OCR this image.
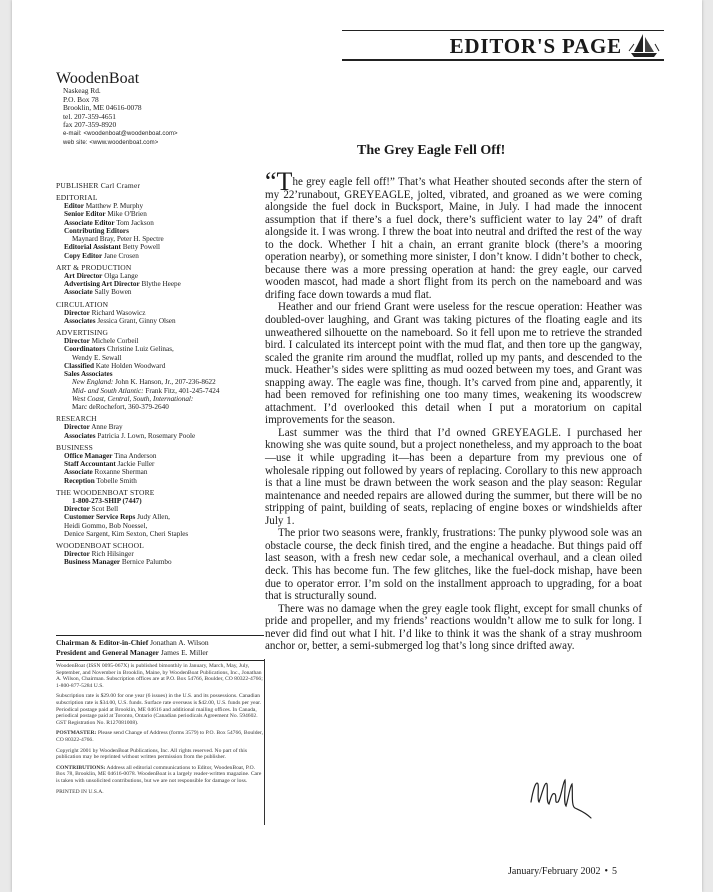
EDITOR'S PAGE
WoodenBoat
Naskeag Rd.
P.O. Box 78
Brooklin, ME 04616-0078
tel. 207-359-4651
fax 207-359-8920
e-mail: <woodenboat@woodenboat.com>
web site: <www.woodenboat.com>
PUBLISHER Carl Cramer
EDITORIAL
Editor Matthew P. Murphy
Senior Editor Mike O'Brien
Associate Editor Tom Jackson
Contributing Editors
Maynard Bray, Peter H. Spectre
Editorial Assistant Betty Powell
Copy Editor Jane Crosen
ART & PRODUCTION
Art Director Olga Lange
Advertising Art Director Blythe Heepe
Associate Sally Bowen
CIRCULATION
Director Richard Wasowicz
Associates Jessica Grant, Ginny Olsen
ADVERTISING
Director Michele Corbeil
Coordinators Christine Luiz Gelinas,
Wendy E. Sewall
Classified Kate Holden Woodward
Sales Associates
New England: John K. Hanson, Jr., 207-236-8622
Mid- and South Atlantic: Frank Fitz, 401-245-7424
West Coast, Central, South, International:
Marc deRochefort, 360-379-2640
RESEARCH
Director Anne Bray
Associates Patricia J. Lown, Rosemary Poole
BUSINESS
Office Manager Tina Anderson
Staff Accountant Jackie Fuller
Associate Roxanne Sherman
Reception Tobelle Smith
THE WOODENBOAT STORE
1-800-273-SHIP (7447)
Director Scot Bell
Customer Service Reps Judy Allen,
Heidi Gommo, Bob Noessel,
Denice Sargent, Kim Sexton, Cheri Staples
WOODENBOAT SCHOOL
Director Rich Hilsinger
Business Manager Bernice Palumbo
Chairman & Editor-in-Chief Jonathan A. Wilson
President and General Manager James E. Miller

WoodenBoat (ISSN 0095-067X) is published bimonthly in January, March, May, July, September, and November in Brooklin, Maine, by WoodenBoat Publications, Inc., Jonathan A. Wilson, Chairman. Subscription offices are at P.O. Box 54766, Boulder, CO 80322-4766; 1-800-877-5284 U.S.

Subscription rate is $29.00 for one year (6 issues) in the U.S. and its possessions. Canadian subscription rate is $34.00, U.S. funds. Surface rate overseas is $42.00, U.S. funds per year. Periodical postage paid at Brooklin, ME 04616 and additional mailing offices. In Canada, periodical postage paid at Toronto, Ontario (Canadian periodicals Agreement No. 594602. GST Registration No. R127081008).

POSTMASTER: Please send Change of Address (forms 3579) to P.O. Box 54766, Boulder, CO 80322-4766.

Copyright 2001 by WoodenBoat Publications, Inc. All rights reserved. No part of this publication may be reprinted without written permission from the publisher.

CONTRIBUTIONS: Address all editorial communications to Editor, WoodenBoat, P.O. Box 78, Brooklin, ME 04616-0078. WoodenBoat is a largely reader-written magazine. Care is taken with unsolicited contributions, but we are not responsible for damage or loss.

PRINTED IN U.S.A.

The Grey Eagle Fell Off!

“The grey eagle fell off!” That’s what Heather shouted seconds after the stern of my 22’runabout, GREYEAGLE, jolted, vibrated, and groaned as we were coming alongside the fuel dock in Bucksport, Maine, in July. I had made the innocent assumption that if there’s a fuel dock, there’s sufficient water to lay 24” of draft alongside it. I was wrong. I threw the boat into neutral and drifted the rest of the way to the dock. Whether I hit a chain, an errant granite block (there’s a mooring operation nearby), or something more sinister, I don’t know. I didn’t bother to check, because there was a more pressing operation at hand: the grey eagle, our carved wooden mascot, had made a short flight from its perch on the nameboard and was drifing face down towards a mud flat.

Heather and our friend Grant were useless for the rescue operation: Heather was doubled-over laughing, and Grant was taking pictures of the floating eagle and its unweathered silhouette on the nameboard. So it fell upon me to retrieve the stranded bird. I calculated its intercept point with the mud flat, and then tore up the gangway, scaled the granite rim around the mudflat, rolled up my pants, and descended to the muck. Heather’s sides were splitting as mud oozed between my toes, and Grant was snapping away. The eagle was fine, though. It’s carved from pine and, apparently, it had been removed for refinishing one too many times, weakening its woodscrew attachment. I’d overlooked this detail when I put a moratorium on capital improvements for the season.

Last summer was the third that I’d owned GREYEAGLE. I purchased her knowing she was quite sound, but a project nonetheless, and my approach to the boat—use it while upgrading it—has been a departure from my previous one of wholesale ripping out followed by years of replacing. Corollary to this new approach is that a line must be drawn between the work season and the play season: Regular maintenance and needed repairs are allowed during the summer, but there will be no stripping of paint, building of seats, replacing of engine boxes or windshields after July 1.

The prior two seasons were, frankly, frustrations: The punky plywood sole was an obstacle course, the deck finish tired, and the engine a headache. But things paid off last season, with a fresh new cedar sole, a mechanical overhaul, and a clean oiled deck. This has become fun. The few glitches, like the fuel-dock mishap, have been due to operator error. I’m sold on the installment approach to upgrading, for a boat that is structurally sound.

There was no damage when the grey eagle took flight, except for small chunks of pride and propeller, and my friends’ reactions wouldn’t allow me to sulk for long. I never did find out what I hit. I’d like to think it was the shank of a stray mushroom anchor or, better, a semi-submerged log that’s long since drifted away.

January/February 2002 • 5
